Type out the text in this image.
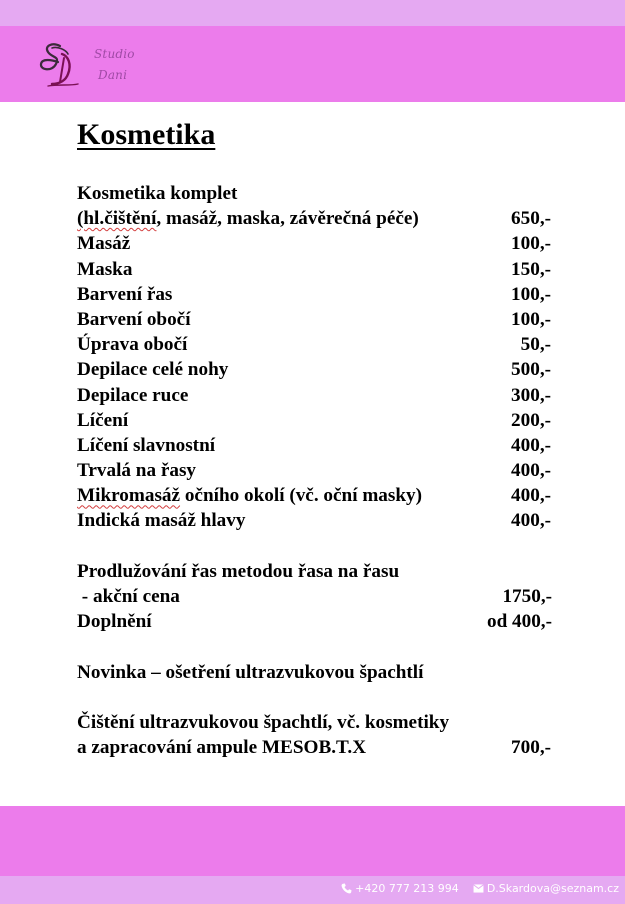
Studio
Dani
Kosmetika
Kosmetika komplet
(hl.čištění, masáž, maska, závěrečná péče)	650,-
Masáž	100,-
Maska	150,-
Barvení řas	100,-
Barvení obočí	100,-
Úprava obočí	50,-
Depilace celé nohy	500,-
Depilace ruce	300,-
Líčení	200,-
Líčení slavnostní	400,-
Trvalá na řasy	400,-
Mikromasáž očního okolí (vč. oční masky)	400,-
Indická masáž hlavy	400,-
Prodlužování řas metodou řasa na řasu
- akční cena	1750,-
Doplnění	od 400,-
Novinka – ošetření ultrazvukovou špachtlí
Čištění ultrazvukovou špachtlí, vč. kosmetiky
a zapracování ampule MESOB.T.X	700,-
+420 777 213 994	D.Skardova@seznam.cz
